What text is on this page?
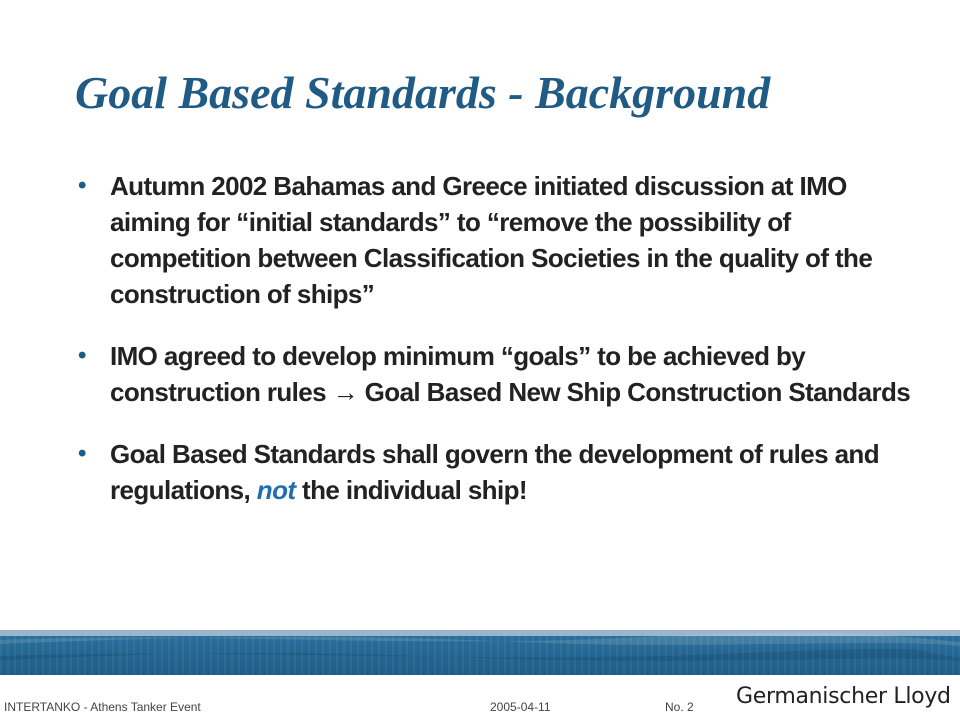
Goal Based Standards - Background
• Autumn 2002 Bahamas and Greece initiated discussion at IMO aiming for “initial standards” to “remove the possibility of competition between Classification Societies in the quality of the construction of ships”
• IMO agreed to develop minimum “goals” to be achieved by construction rules → Goal Based New Ship Construction Standards
• Goal Based Standards shall govern the development of rules and regulations, not the individual ship!
INTERTANKO - Athens Tanker Event	2005-04-11	No. 2 Germanischer Lloyd
